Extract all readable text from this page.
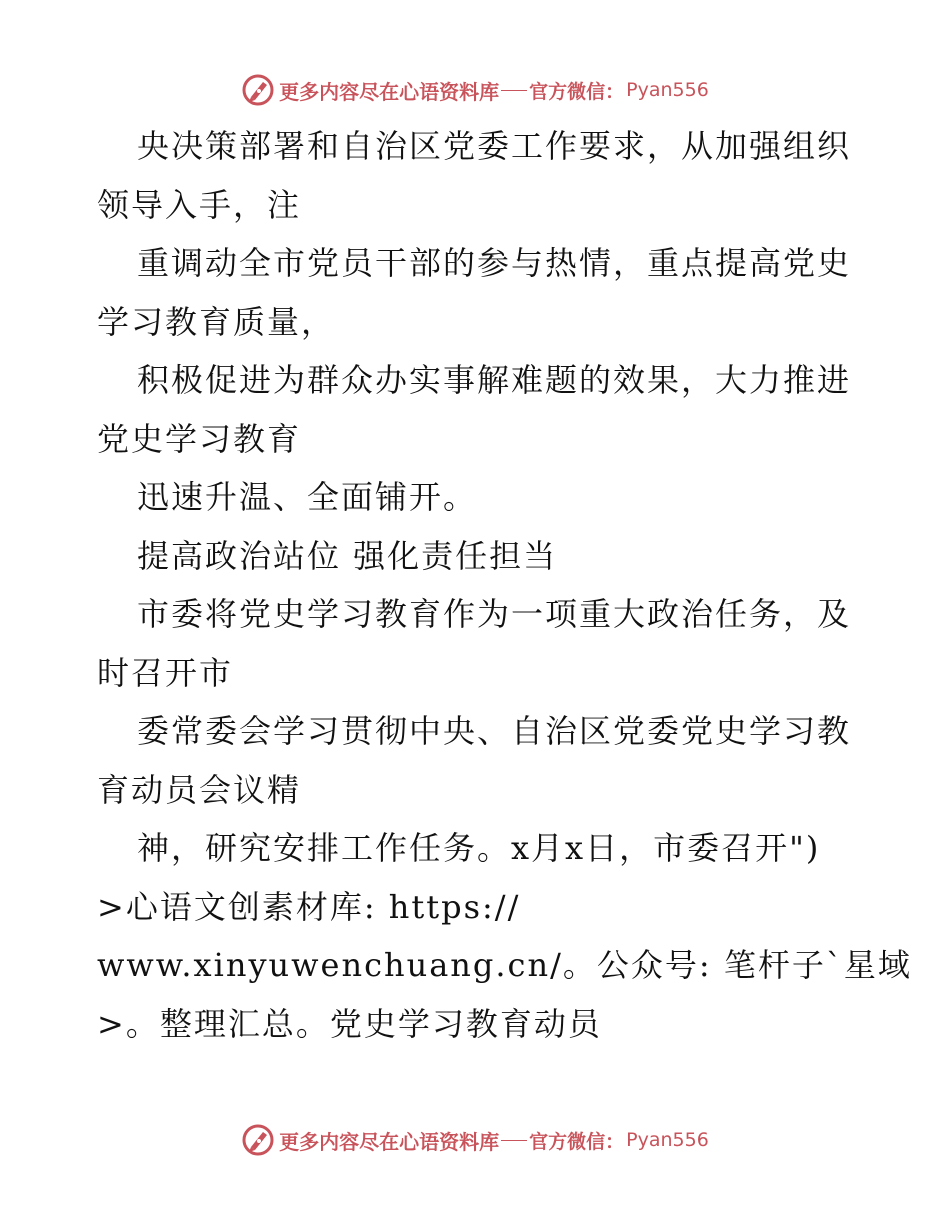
更多内容尽在心语资料库 官方微信： Pyan556
央决策部署和自治区党委工作要求，从加强组织
领导入手，注
重调动全市党员干部的参与热情，重点提高党史
学习教育质量，
积极促进为群众办实事解难题的效果，大力推进
党史学习教育
迅速升温、全面铺开。
提高政治站位 强化责任担当
市委将党史学习教育作为一项重大政治任务，及
时召开市
委常委会学习贯彻中央、自治区党委党史学习教
育动员会议精
神，研究安排工作任务。x月x日，市委召开")
>心语文创素材库: https://
www.xinyuwenchuang.cn/。公众号: 笔杆子`星域
>。整理汇总。党史学习教育动员
更多内容尽在心语资料库 官方微信： Pyan556
